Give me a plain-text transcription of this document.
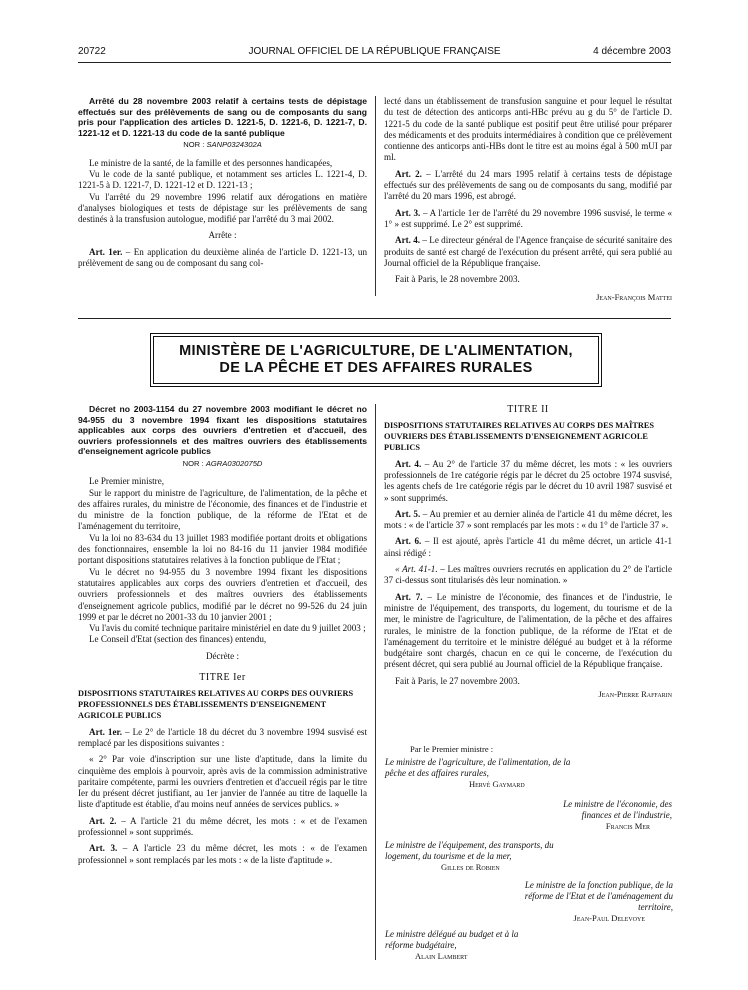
20722	JOURNAL OFFICIEL DE LA RÉPUBLIQUE FRANÇAISE	4 décembre 2003

Arrêté du 28 novembre 2003 relatif à certains tests de dépistage effectués sur des prélèvements de sang ou de composants du sang pris pour l'application des articles D. 1221-5, D. 1221-6, D. 1221-7, D. 1221-12 et D. 1221-13 du code de la santé publique

NOR : SANP0324302A

Le ministre de la santé, de la famille et des personnes handicapées,

Vu le code de la santé publique, et notamment ses articles L. 1221-4, D. 1221-5 à D. 1221-7, D. 1221-12 et D. 1221-13 ;

Vu l'arrêté du 29 novembre 1996 relatif aux dérogations en matière d'analyses biologiques et tests de dépistage sur les prélèvements de sang destinés à la transfusion autologue, modifié par l'arrêté du 3 mai 2002.

Arrête :

Art. 1er. – En application du deuxième alinéa de l'article D. 1221-13, un prélèvement de sang ou de composant du sang col-

lecté dans un établissement de transfusion sanguine et pour lequel le résultat du test de détection des anticorps anti-HBc prévu au g du 5° de l'article D. 1221-5 du code de la santé publique est positif peut être utilisé pour préparer des médicaments et des produits intermédiaires à condition que ce prélèvement contienne des anticorps anti-HBs dont le titre est au moins égal à 500 mUI par ml.

Art. 2. – L'arrêté du 24 mars 1995 relatif à certains tests de dépistage effectués sur des prélèvements de sang ou de composants du sang, modifié par l'arrêté du 20 mars 1996, est abrogé.

Art. 3. – A l'article 1er de l'arrêté du 29 novembre 1996 susvisé, le terme « 1° » est supprimé. Le 2° est supprimé.

Art. 4. – Le directeur général de l'Agence française de sécurité sanitaire des produits de santé est chargé de l'exécution du présent arrêté, qui sera publié au Journal officiel de la République française.

Fait à Paris, le 28 novembre 2003.

Jean-François Mattei

MINISTÈRE DE L'AGRICULTURE, DE L'ALIMENTATION,
DE LA PÊCHE ET DES AFFAIRES RURALES

Décret no 2003-1154 du 27 novembre 2003 modifiant le décret no 94-955 du 3 novembre 1994 fixant les dispositions statutaires applicables aux corps des ouvriers d'entretien et d'accueil, des ouvriers professionnels et des maîtres ouvriers des établissements d'enseignement agricole publics

NOR : AGRA0302075D

Le Premier ministre,

Sur le rapport du ministre de l'agriculture, de l'alimentation, de la pêche et des affaires rurales, du ministre de l'économie, des finances et de l'industrie et du ministre de la fonction publique, de la réforme de l'Etat et de l'aménagement du territoire,

Vu la loi no 83-634 du 13 juillet 1983 modifiée portant droits et obligations des fonctionnaires, ensemble la loi no 84-16 du 11 janvier 1984 modifiée portant dispositions statutaires relatives à la fonction publique de l'Etat ;

Vu le décret no 94-955 du 3 novembre 1994 fixant les dispositions statutaires applicables aux corps des ouvriers d'entretien et d'accueil, des ouvriers professionnels et des maîtres ouvriers des établissements d'enseignement agricole publics, modifié par le décret no 99-526 du 24 juin 1999 et par le décret no 2001-33 du 10 janvier 2001 ;

Vu l'avis du comité technique paritaire ministériel en date du 9 juillet 2003 ;

Le Conseil d'Etat (section des finances) entendu,

Décrète :

TITRE Ier

DISPOSITIONS STATUTAIRES RELATIVES AU CORPS DES OUVRIERS PROFESSIONNELS DES ÉTABLISSEMENTS D'ENSEIGNEMENT AGRICOLE PUBLICS

Art. 1er. – Le 2° de l'article 18 du décret du 3 novembre 1994 susvisé est remplacé par les dispositions suivantes :

« 2° Par voie d'inscription sur une liste d'aptitude, dans la limite du cinquième des emplois à pourvoir, après avis de la commission administrative paritaire compétente, parmi les ouvriers d'entretien et d'accueil régis par le titre Ier du présent décret justifiant, au 1er janvier de l'année au titre de laquelle la liste d'aptitude est établie, d'au moins neuf années de services publics. »

Art. 2. – A l'article 21 du même décret, les mots : « et de l'examen professionnel » sont supprimés.

Art. 3. – A l'article 23 du même décret, les mots : « de l'examen professionnel » sont remplacés par les mots : « de la liste d'aptitude ».

TITRE II

DISPOSITIONS STATUTAIRES RELATIVES AU CORPS DES MAÎTRES OUVRIERS DES ÉTABLISSEMENTS D'ENSEIGNEMENT AGRICOLE PUBLICS

Art. 4. – Au 2° de l'article 37 du même décret, les mots : « les ouvriers professionnels de 1re catégorie régis par le décret du 25 octobre 1974 susvisé, les agents chefs de 1re catégorie régis par le décret du 10 avril 1987 susvisé et » sont supprimés.

Art. 5. – Au premier et au dernier alinéa de l'article 41 du même décret, les mots : « de l'article 37 » sont remplacés par les mots : « du 1° de l'article 37 ».

Art. 6. – Il est ajouté, après l'article 41 du même décret, un article 41-1 ainsi rédigé :

« Art. 41-1. – Les maîtres ouvriers recrutés en application du 2° de l'article 37 ci-dessus sont titularisés dès leur nomination. »

Art. 7. – Le ministre de l'économie, des finances et de l'industrie, le ministre de l'équipement, des transports, du logement, du tourisme et de la mer, le ministre de l'agriculture, de l'alimentation, de la pêche et des affaires rurales, le ministre de la fonction publique, de la réforme de l'Etat et de l'aménagement du territoire et le ministre délégué au budget et à la réforme budgétaire sont chargés, chacun en ce qui le concerne, de l'exécution du présent décret, qui sera publié au Journal officiel de la République française.

Fait à Paris, le 27 novembre 2003.

Jean-Pierre Raffarin

Par le Premier ministre :
Le ministre de l'agriculture, de l'alimentation, de la pêche et des affaires rurales,
Hervé Gaymard
Le ministre de l'économie, des finances et de l'industrie,
Francis Mer
Le ministre de l'équipement, des transports, du logement, du tourisme et de la mer,
Gilles de Robien
Le ministre de la fonction publique, de la réforme de l'Etat et de l'aménagement du territoire,
Jean-Paul Delevoye
Le ministre délégué au budget et à la réforme budgétaire,
Alain Lambert
